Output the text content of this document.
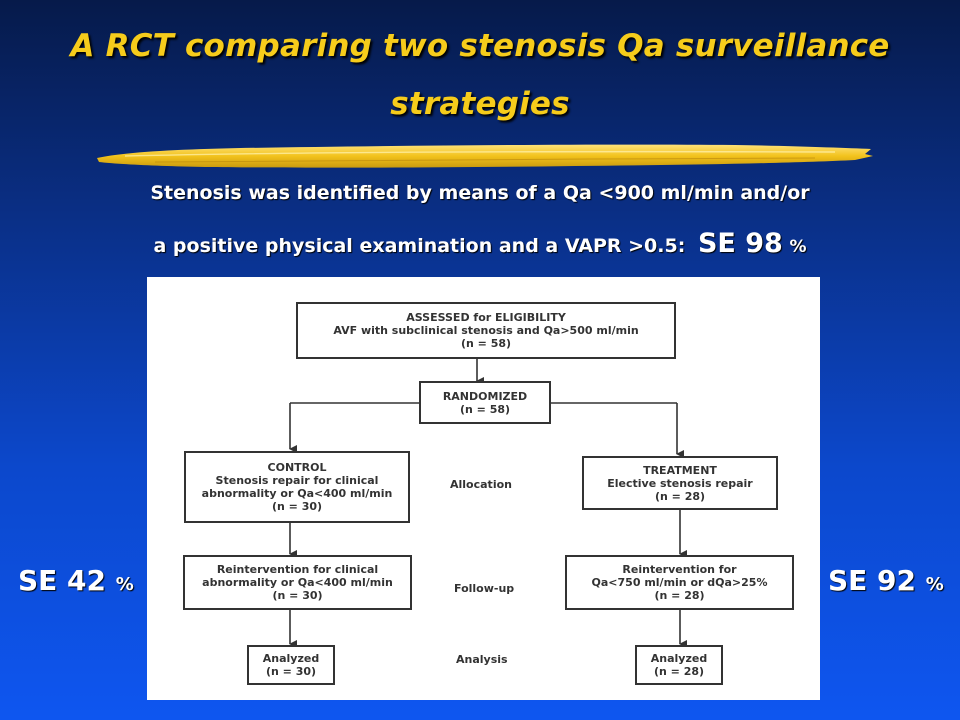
A RCT comparing two stenosis Qa surveillance
strategies
Stenosis was identified by means of a Qa <900 ml/min and/or
a positive physical examination and a VAPR >0.5: SE 98 %
SE 42 %	SE 92 %
ASSESSED for ELIGIBILITY
AVF with subclinical stenosis and Qa>500 ml/min
(n = 58)
RANDOMIZED
(n = 58)
CONTROL
Stenosis repair for clinical
abnormality or Qa<400 ml/min
(n = 30)
TREATMENT
Elective stenosis repair
(n = 28)
Reintervention for clinical
abnormality or Qa<400 ml/min
(n = 30)
Reintervention for
Qa<750 ml/min or dQa>25%
(n = 28)
Analyzed
(n = 30)
Analyzed
(n = 28)
Allocation
Follow-up
Analysis
